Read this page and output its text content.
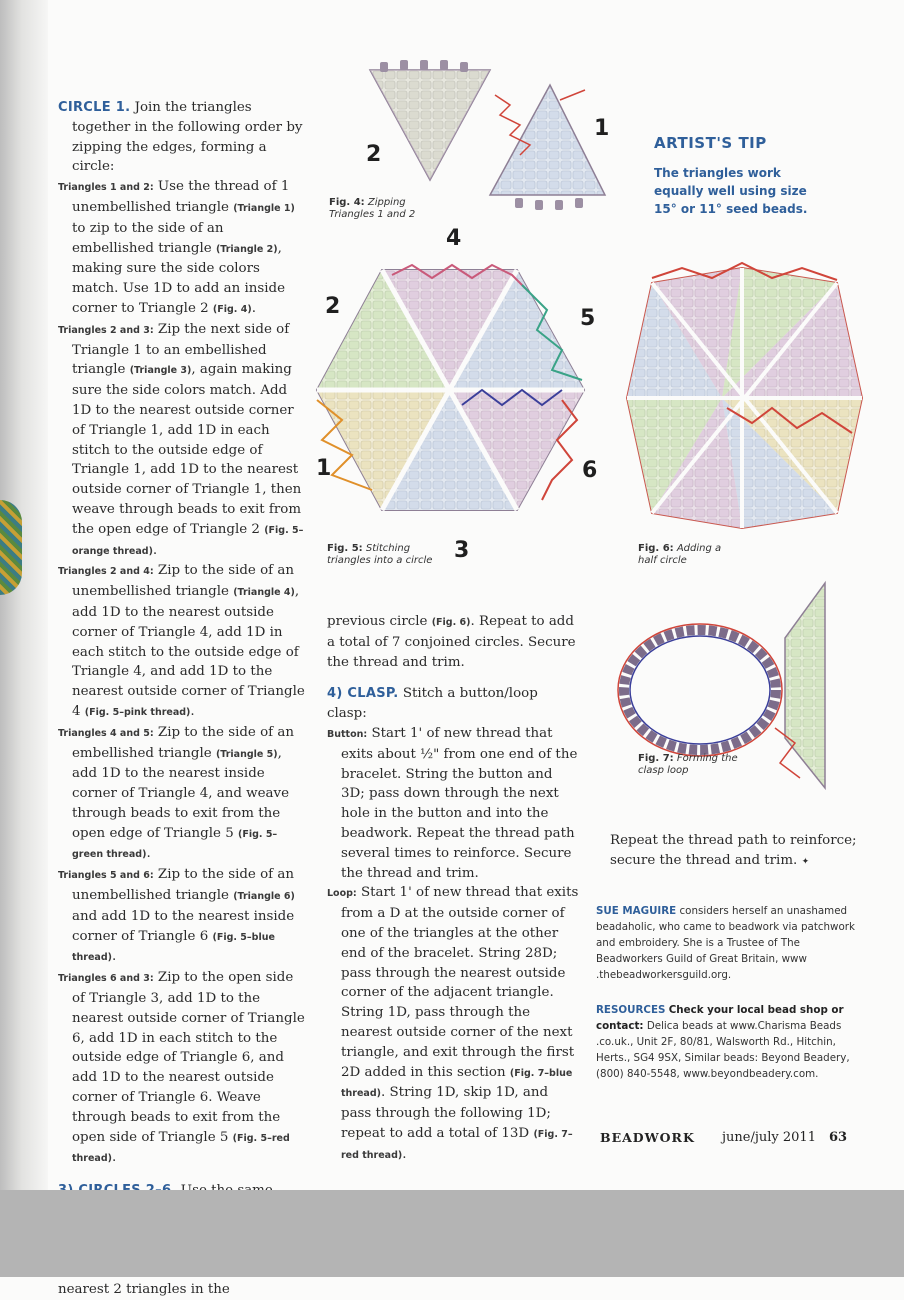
CIRCLE 1. Join the triangles together in the following order by zipping the edges, forming a circle:

Triangles 1 and 2: Use the thread of 1 unembellished triangle (Triangle 1) to zip to the side of an embellished triangle (Triangle 2), making sure the side colors match. Use 1D to add an inside corner to Triangle 2 (Fig. 4).

Triangles 2 and 3: Zip the next side of Triangle 1 to an embellished triangle (Triangle 3), again making sure the side colors match. Add 1D to the nearest outside corner of Triangle 1, add 1D in each stitch to the outside edge of Triangle 1, add 1D to the nearest outside corner of Triangle 1, then weave through beads to exit from the open edge of Triangle 2 (Fig. 5–orange thread).

Triangles 2 and 4: Zip to the side of an unembellished triangle (Triangle 4), add 1D to the nearest outside corner of Triangle 4, add 1D in each stitch to the outside edge of Triangle 4, and add 1D to the nearest outside corner of Triangle 4 (Fig. 5–pink thread).

Triangles 4 and 5: Zip to the side of an embellished triangle (Triangle 5), add 1D to the nearest inside corner of Triangle 4, and weave through beads to exit from the open edge of Triangle 5 (Fig. 5–green thread).

Triangles 5 and 6: Zip to the side of an unembellished triangle (Triangle 6) and add 1D to the nearest inside corner of Triangle 6 (Fig. 5–blue thread).

Triangles 6 and 3: Zip to the open side of Triangle 3, add 1D to the nearest outside corner of Triangle 6, add 1D in each stitch to the outside edge of Triangle 6, and add 1D to the nearest outside corner of Triangle 6. Weave through beads to exit from the open side of Triangle 5 (Fig. 5–red thread).

nearest 2 triangles in the

previous circle (Fig. 6). Repeat to add a total of 7 conjoined circles. Secure the thread and trim.

4) CLASP. Stitch a button/loop clasp:

Button: Start 1' of new thread that exits about ½" from one end of the bracelet. String the button and 3D; pass down through the next hole in the button and into the beadwork. Repeat the thread path several times to reinforce. Secure the thread and trim.

Loop: Start 1' of new thread that exits from a D at the outside corner of one of the triangles at the other end of the bracelet. String 28D; pass through the nearest outside corner of the adjacent triangle. String 1D, pass through the nearest outside corner of the next triangle, and exit through the first 2D added in this section (Fig. 7–blue thread). String 1D, skip 1D, and pass through the following 1D; repeat to add a total of 13D (Fig. 7–red thread).

2
1
Fig. 4: Zipping Triangles 1 and 2
4
2	5
1	6
3
Fig. 5: Stitching triangles into a circle
Fig. 6: Adding a half circle
Fig. 7: Forming the clasp loop
ARTIST'S TIP
The triangles work equally well using size 15° or 11° seed beads.
Repeat the thread path to reinforce; secure the thread and trim. ✦
SUE MAGUIRE considers herself an unashamed beadaholic, who came to beadwork via patchwork and embroidery. She is a Trustee of The Beadworkers Guild of Great Britain, www .thebeadworkersguild.org.
RESOURCES Check your local bead shop or contact: Delica beads at www.Charisma Beads .co.uk., Unit 2F, 80/81, Walsworth Rd., Hitchin, Herts., SG4 9SX, Similar beads: Beyond Beadery, (800) 840-5548, www.beyondbeadery.com.
BEADWORK june/july 2011 63
